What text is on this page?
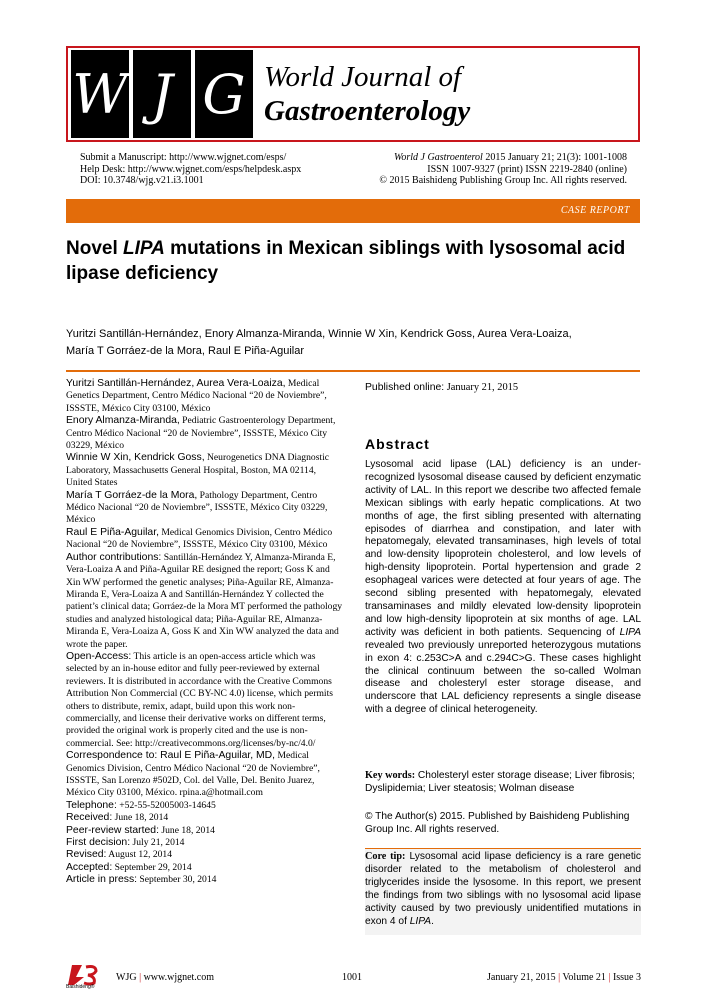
W J G World Journal of
Gastroenterology
Submit a Manuscript: http://www.wjgnet.com/esps/
Help Desk: http://www.wjgnet.com/esps/helpdesk.aspx
DOI: 10.3748/wjg.v21.i3.1001
World J Gastroenterol 2015 January 21; 21(3): 1001-1008
ISSN 1007-9327 (print) ISSN 2219-2840 (online)
© 2015 Baishideng Publishing Group Inc. All rights reserved.
CASE REPORT
Novel LIPA mutations in Mexican siblings with lysosomal acid lipase deficiency
Yuritzi Santillán-Hernández, Enory Almanza-Miranda, Winnie W Xin, Kendrick Goss, Aurea Vera-Loaiza,
María T Gorráez-de la Mora, Raul E Piña-Aguilar

Yuritzi Santillán-Hernández, Aurea Vera-Loaiza, Medical Genetics Department, Centro Médico Nacional “20 de Noviembre”, ISSSTE, México City 03100, México

Enory Almanza-Miranda, Pediatric Gastroenterology Department, Centro Médico Nacional “20 de Noviembre”, ISSSTE, México City 03229, México

Winnie W Xin, Kendrick Goss, Neurogenetics DNA Diagnostic Laboratory, Massachusetts General Hospital, Boston, MA 02114, United States

María T Gorráez-de la Mora, Pathology Department, Centro Médico Nacional “20 de Noviembre”, ISSSTE, México City 03229, México

Raul E Piña-Aguilar, Medical Genomics Division, Centro Médico Nacional “20 de Noviembre”, ISSSTE, México City 03100, México

Author contributions: Santillán-Hernández Y, Almanza-Miranda E, Vera-Loaiza A and Piña-Aguilar RE designed the report; Goss K and Xin WW performed the genetic analyses; Piña-Aguilar RE, Almanza-Miranda E, Vera-Loaiza A and Santillán-Hernández Y collected the patient’s clinical data; Gorráez-de la Mora MT performed the pathology studies and analyzed histological data; Piña-Aguilar RE, Almanza-Miranda E, Vera-Loaiza A, Goss K and Xin WW analyzed the data and wrote the paper.

Open-Access: This article is an open-access article which was selected by an in-house editor and fully peer-reviewed by external reviewers. It is distributed in accordance with the Creative Commons Attribution Non Commercial (CC BY-NC 4.0) license, which permits others to distribute, remix, adapt, build upon this work non-commercially, and license their derivative works on different terms, provided the original work is properly cited and the use is non-commercial. See: http://creativecommons.org/licenses/by-nc/4.0/

Correspondence to: Raul E Piña-Aguilar, MD, Medical Genomics Division, Centro Médico Nacional “20 de Noviembre”, ISSSTE, San Lorenzo #502D, Col. del Valle, Del. Benito Juarez, México City 03100, México. rpina.a@hotmail.com

Telephone: +52-55-52005003-14645

Received: June 18, 2014

Peer-review started: June 18, 2014

First decision: July 21, 2014

Revised: August 12, 2014

Accepted: September 29, 2014

Article in press: September 30, 2014

Published online: January 21, 2015
Abstract
Lysosomal acid lipase (LAL) deficiency is an under-recognized lysosomal disease caused by deficient enzymatic activity of LAL. In this report we describe two affected female Mexican siblings with early hepatic complications. At two months of age, the first sibling presented with alternating episodes of diarrhea and constipation, and later with hepatomegaly, elevated transaminases, high levels of total and low-density lipoprotein cholesterol, and low levels of high-density lipoprotein. Portal hypertension and grade 2 esophageal varices were detected at four years of age. The second sibling presented with hepatomegaly, elevated transaminases and mildly elevated low-density lipoprotein and low high-density lipoprotein at six months of age. LAL activity was deficient in both patients. Sequencing of LIPA revealed two previously unreported heterozygous mutations in exon 4: c.253C>A and c.294C>G. These cases highlight the clinical continuum between the so-called Wolman disease and cholesteryl ester storage disease, and underscore that LAL deficiency represents a single disease with a degree of clinical heterogeneity.
Key words: Cholesteryl ester storage disease; Liver fibrosis; Dyslipidemia; Liver steatosis; Wolman disease
© The Author(s) 2015. Published by Baishideng Publishing Group Inc. All rights reserved.
Core tip: Lysosomal acid lipase deficiency is a rare genetic disorder related to the metabolism of cholesterol and triglycerides inside the lysosome. In this report, we present the findings from two siblings with no lysosomal acid lipase activity caused by two previously unidentified mutations in exon 4 of LIPA.
Baishideng®
WJG | www.wjgnet.com	1001	January 21, 2015 | Volume 21 | Issue 3
